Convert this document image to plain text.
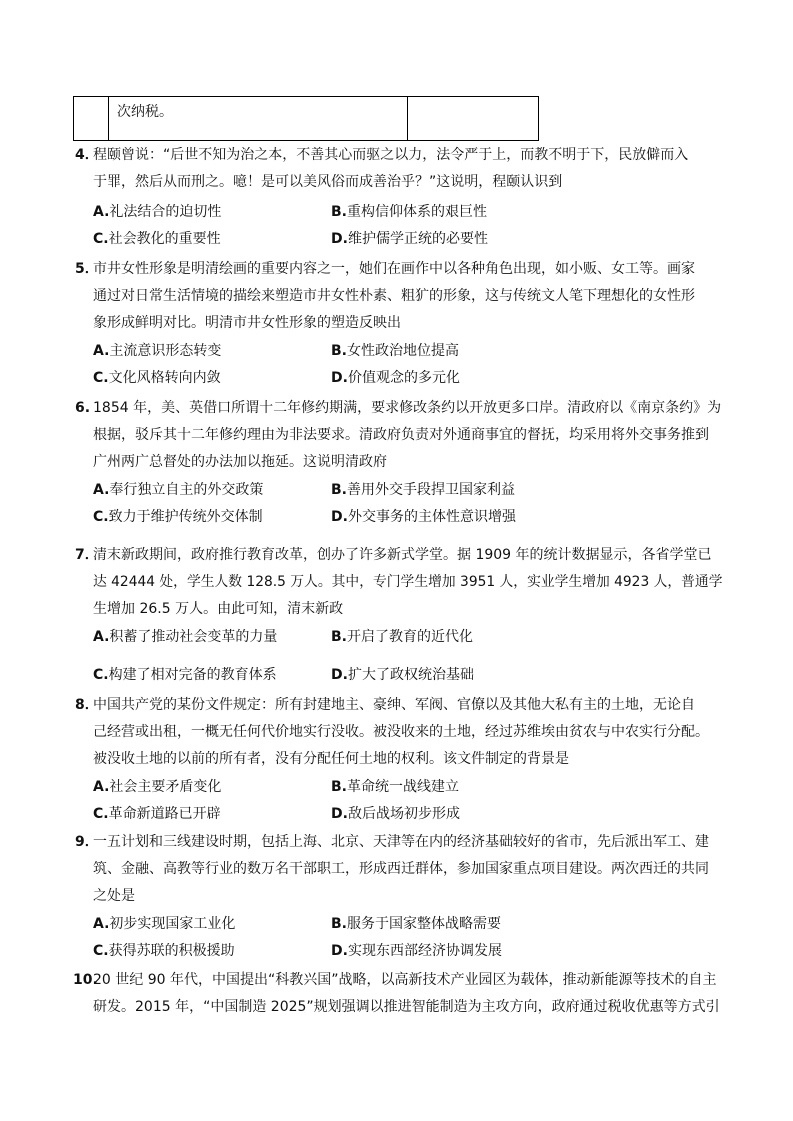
	次纳税。	
4．
程颐曾说：“后世不知为治之本，不善其心而驱之以力，法令严于上，而教不明于下，民放僻而入
于罪，然后从而刑之。噫！是可以美风俗而成善治乎？”这说明，程颐认识到
A.礼法结合的迫切性	B.重构信仰体系的艰巨性
C.社会教化的重要性	D.维护儒学正统的必要性
5．
市井女性形象是明清绘画的重要内容之一，她们在画作中以各种角色出现，如小贩、女工等。画家
通过对日常生活情境的描绘来塑造市井女性朴素、粗犷的形象，这与传统文人笔下理想化的女性形
象形成鲜明对比。明清市井女性形象的塑造反映出
A.主流意识形态转变	B.女性政治地位提高
C.文化风格转向内敛	D.价值观念的多元化
6. 1854 年，美、英借口所谓十二年修约期满，要求修改条约以开放更多口岸。清政府以《南京条约》为
根据，驳斥其十二年修约理由为非法要求。清政府负责对外通商事宜的督抚，均采用将外交事务推到
广州两广总督处的办法加以拖延。这说明清政府
A.奉行独立自主的外交政策	B.善用外交手段捍卫国家利益
C.致力于维护传统外交体制	D.外交事务的主体性意识增强
7．
清末新政期间，政府推行教育改革，创办了许多新式学堂。据 1909 年的统计数据显示，各省学堂已
达 42444 处，学生人数 128.5 万人。其中，专门学生增加 3951 人，实业学生增加 4923 人，普通学
生增加 26.5 万人。由此可知，清末新政
A.积蓄了推动社会变革的力量	B.开启了教育的近代化
C.构建了相对完备的教育体系	D.扩大了政权统治基础
8．
中国共产党的某份文件规定：所有封建地主、豪绅、军阀、官僚以及其他大私有主的土地，无论自
己经营或出租，一概无任何代价地实行没收。被没收来的土地，经过苏维埃由贫农与中农实行分配。
被没收土地的以前的所有者，没有分配任何土地的权利。该文件制定的背景是
A.社会主要矛盾变化	B.革命统一战线建立
C.革命新道路已开辟	D.敌后战场初步形成
9．
一五计划和三线建设时期，包括上海、北京、天津等在内的经济基础较好的省市，先后派出军工、建
筑、金融、高教等行业的数万名干部职工，形成西迁群体，参加国家重点项目建设。两次西迁的共同
之处是
A.初步实现国家工业化	B.服务于国家整体战略需要
C.获得苏联的积极援助	D.实现东西部经济协调发展
10.
20 世纪 90 年代，中国提出“科教兴国”战略，以高新技术产业园区为载体，推动新能源等技术的自主
研发。2015 年，“中国制造 2025”规划强调以推进智能制造为主攻方向，政府通过税收优惠等方式引
